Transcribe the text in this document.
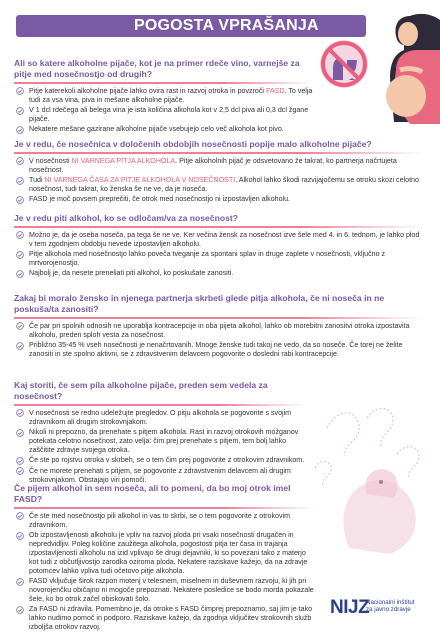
POGOSTA VPRAŠANJA
Ali so katere alkoholne pijače, kot je na primer rdeče vino, varnejše za pitje med nosečnostjo od drugih?
Pitje katerekoli alkoholne pijače lahko ovira rast in razvoj otroka in povzroči FASD. To velja tudi za vsa vina, piva in mešane alkoholne pijače.
V 1 dcl rdečega ali belega vina je ista količina alkohola kot v 2,5 dcl piva ali 0,3 dcl žgane pijače.
Nekatere mešane gazirane alkoholne pijače vsebujejo celo več alkohola kot pivo.
Je v redu, če nosečnica v določenih obdobjih nosečnosti popije malo alkoholne pijače?
V nosečnosti NI VARNEGA PITJA ALKOHOLA. Pitje alkoholnih pijač je odsvetovano že takrat, ko partnerja načrtujeta nosečnost.
Tudi NI VARNEGA ČASA ZA PITJE ALKOHOLA V NOSEČNOSTI. Alkohol lahko škodi razvijajočemu se otroku skozi celotno nosečnost, tudi takrat, ko ženska še ne ve, da je noseča.
FASD je moč povsem preprečiti, če otrok med nosečnostjo ni izpostavljen alkoholu.
Je v redu piti alkohol, ko se odločam/va za nosečnost?
Možno je, da je oseba noseča, pa tega še ne ve. Ker večina žensk za nosečnost izve šele med 4. in 6. tednom, je lahko plod v tem zgodnjem obdobju nevede izpostavljen alkoholu.
Pitje alkohola med nosečnostjo lahko poveča tveganje za spontani splav in druge zaplete v nosečnosti, vključno z mrtvorojenostjo.
Najbolj je, da nesete preneliati piti alkohol, ko poskušate zanositi.
Zakaj bi moralo žensko in njenega partnerja skrbeti glede pitja alkohola, če ni noseča in ne poskuša/ta zanositi?
Če par pri spolnih odnosih ne uporablja kontracepcije in oba pijeta alkohol, lahko ob morebitni zanositvi otroka izpostavita alkoholu, preden sploh vesta za nosečnost.
Približno 35-45 % vseh nosečnosti je nenačrtovanih. Mnoge ženske tudi takoj ne vedo, da so noseče. Če torej ne želite zanositi in ste spolno aktivni, se z zdravstvenim delavcem pogovorite o dosledni rabi kontracepcije.
Kaj storiti, če sem pila alkoholne pijače, preden sem vedela za nosečnost?
V nosečnosti se redno udeležujte pregledov. O pitju alkohola se pogovorite s svojim zdravnikom ali drugim strokovnjakom.
Nikoli ni prepozno, da prenehate s pitjem alkohola. Rast in razvoj otrokovih možganov potekata celotno nosečnost, zato velja: čim prej prenehate s pitjem, tem bolj lahko zaščitite zdravje svojega otroka.
Če ste po rojstvu otroka v skrbeh, se o tem čim prej pogovorite z otrokovim zdravnikom.
Če ne morete prenehati s pitjem, se pogovorite z zdravstvenim delavcem ali drugim strokovnjakom. Obstajajo viri pomoči.
Če pijem alkohol in sem noseča, ali to pomeni, da bo moj otrok imel FASD?
Če ste med nosečnostjo pili alkohol in vas to skrbi, se o tem pogovorite z otrokovim zdravnikom.
Ob izpostavljenosti alkoholu je vpliv na razvoj ploda pri vsaki nosečnosti drugačen in nepredvidljiv. Poleg količine zaužitega alkohola, pogostosti pitja ter časa in trajanja izpostavljenosti alkoholu na izid vplivajo še drugi dejavniki, ki so povezani tako z materjo kot tudi z občutljivostjo zarodka oziroma ploda. Nekatere raziskave kažejo, da na zdravje potomcev lahko vpliva tudi očetovo pitje alkohola.
FASD vključuje širok razpon motenj v telesnem, miselnem in duševnem razvoju, ki jih pri novorojenčku običajno ni mogoče prepoznati. Nekatere posledice se bodo morda pokazale šele, ko bo otrok začel obiskovati šolo.
Za FASD ni zdravila. Pomembno je, da otroke s FASD čimprej prepoznamo, saj jim je tako lahko nudimo pomoč in podporo. Raziskave kažejo, da zgodnja vključitev strokovnih služb izboljša otrokov razvoj.
NIJZ
Nacionalni inštitut
za javno zdravje
